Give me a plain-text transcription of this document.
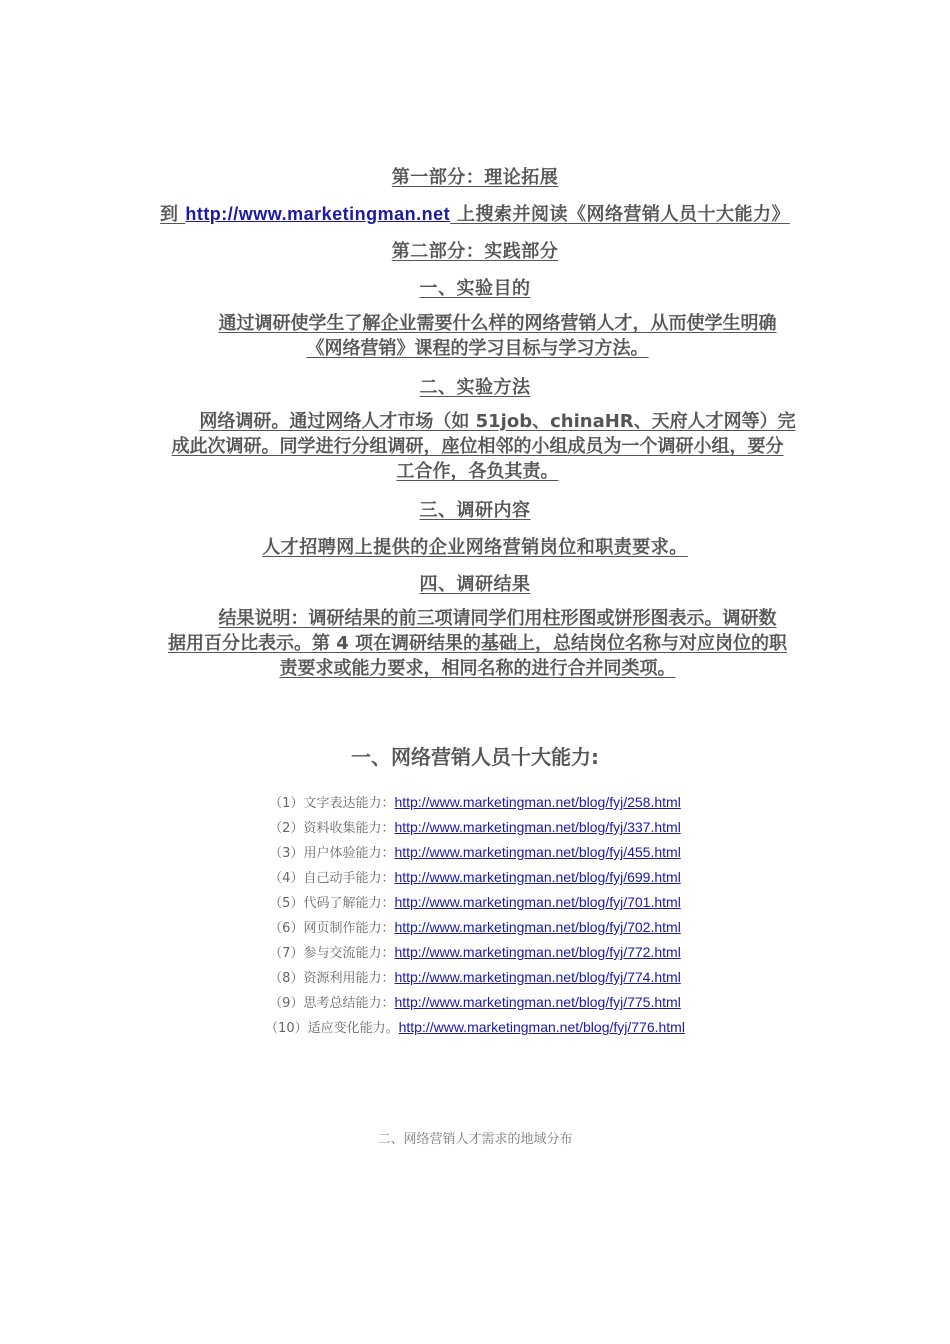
第一部分：理论拓展
到 http://www.marketingman.net 上搜索并阅读《网络营销人员十大能力》
第二部分：实践部分
一、实验目的
通过调研使学生了解企业需要什么样的网络营销人才，从而使学生明确
《网络营销》课程的学习目标与学习方法。
二、实验方法
网络调研。通过网络人才市场（如 51job、chinaHR、天府人才网等）完
成此次调研。同学进行分组调研，座位相邻的小组成员为一个调研小组，要分
工合作，各负其责。
三、调研内容
人才招聘网上提供的企业网络营销岗位和职责要求。
四、调研结果
结果说明：调研结果的前三项请同学们用柱形图或饼形图表示。调研数
据用百分比表示。第 4 项在调研结果的基础上，总结岗位名称与对应岗位的职
责要求或能力要求，相同名称的进行合并同类项。
一、网络营销人员十大能力:
（1）文字表达能力：http://www.marketingman.net/blog/fyj/258.html
（2）资料收集能力：http://www.marketingman.net/blog/fyj/337.html
（3）用户体验能力：http://www.marketingman.net/blog/fyj/455.html
（4）自己动手能力：http://www.marketingman.net/blog/fyj/699.html
（5）代码了解能力：http://www.marketingman.net/blog/fyj/701.html
（6）网页制作能力：http://www.marketingman.net/blog/fyj/702.html
（7）参与交流能力：http://www.marketingman.net/blog/fyj/772.html
（8）资源利用能力：http://www.marketingman.net/blog/fyj/774.html
（9）思考总结能力：http://www.marketingman.net/blog/fyj/775.html
（10）适应变化能力。http://www.marketingman.net/blog/fyj/776.html
二、网络营销人才需求的地域分布
